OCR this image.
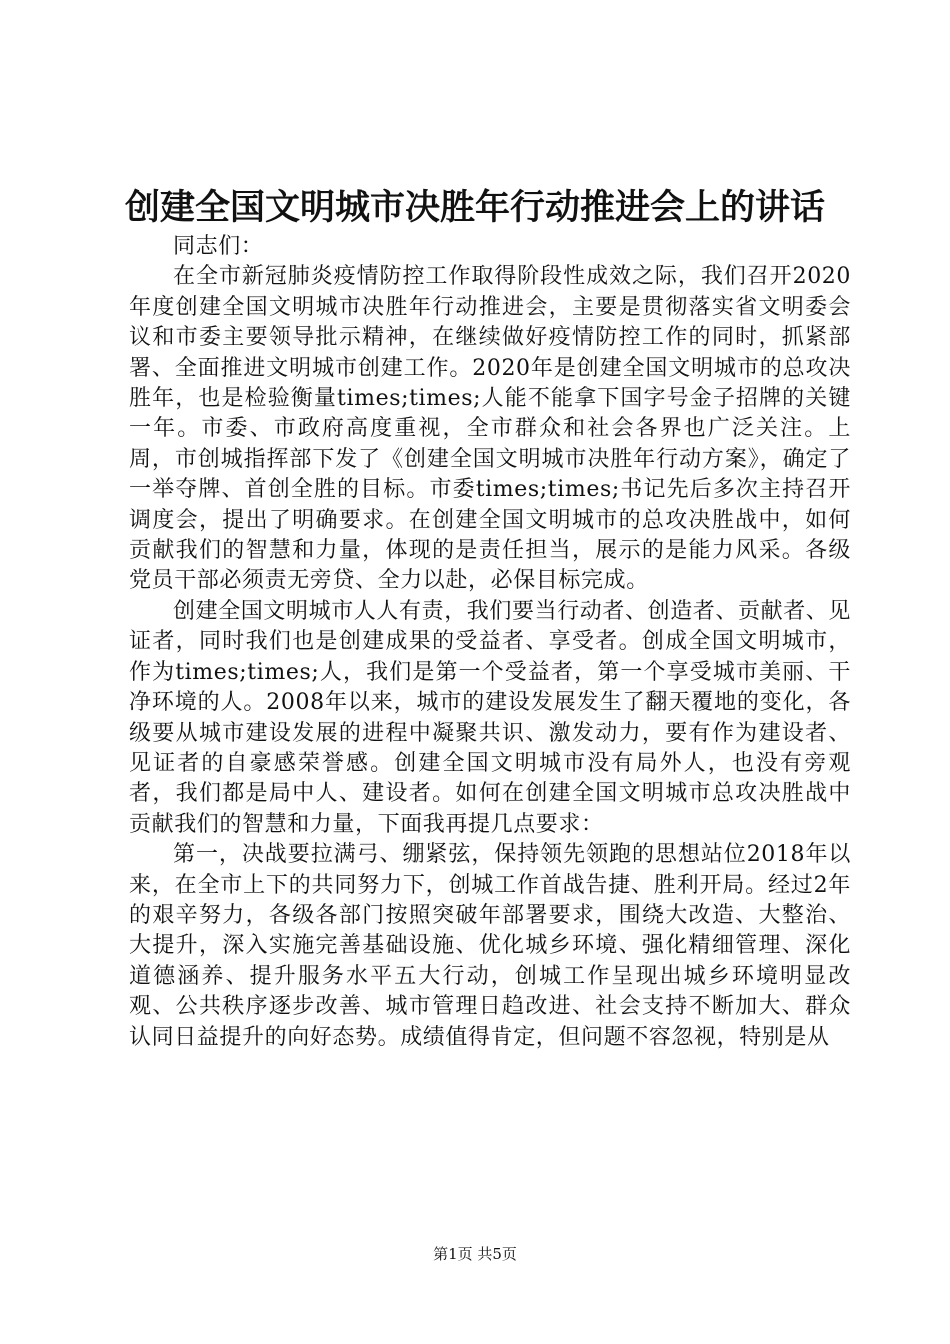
创建全国文明城市决胜年行动推进会上的讲话

同志们：

在全市新冠肺炎疫情防控工作取得阶段性成效之际，我们召开2020年度创建全国文明城市决胜年行动推进会，主要是贯彻落实省文明委会议和市委主要领导批示精神，在继续做好疫情防控工作的同时，抓紧部署、全面推进文明城市创建工作。2020年是创建全国文明城市的总攻决胜年，也是检验衡量times;times;人能不能拿下国字号金子招牌的关键一年。市委、市政府高度重视，全市群众和社会各界也广泛关注。上周，市创城指挥部下发了《创建全国文明城市决胜年行动方案》，确定了一举夺牌、首创全胜的目标。市委times;times;书记先后多次主持召开调度会，提出了明确要求。在创建全国文明城市的总攻决胜战中，如何贡献我们的智慧和力量，体现的是责任担当，展示的是能力风采。各级党员干部必须责无旁贷、全力以赴，必保目标完成。

创建全国文明城市人人有责，我们要当行动者、创造者、贡献者、见证者，同时我们也是创建成果的受益者、享受者。创成全国文明城市，作为times;times;人，我们是第一个受益者，第一个享受城市美丽、干净环境的人。2008年以来，城市的建设发展发生了翻天覆地的变化，各级要从城市建设发展的进程中凝聚共识、激发动力，要有作为建设者、见证者的自豪感荣誉感。创建全国文明城市没有局外人，也没有旁观者，我们都是局中人、建设者。如何在创建全国文明城市总攻决胜战中贡献我们的智慧和力量，下面我再提几点要求：

第一，决战要拉满弓、绷紧弦，保持领先领跑的思想站位2018年以来，在全市上下的共同努力下，创城工作首战告捷、胜利开局。经过2年的艰辛努力，各级各部门按照突破年部署要求，围绕大改造、大整治、大提升，深入实施完善基础设施、优化城乡环境、强化精细管理、深化道德涵养、提升服务水平五大行动，创城工作呈现出城乡环境明显改观、公共秩序逐步改善、城市管理日趋改进、社会支持不断加大、群众认同日益提升的向好态势。成绩值得肯定，但问题不容忽视，特别是从

第1页 共5页
